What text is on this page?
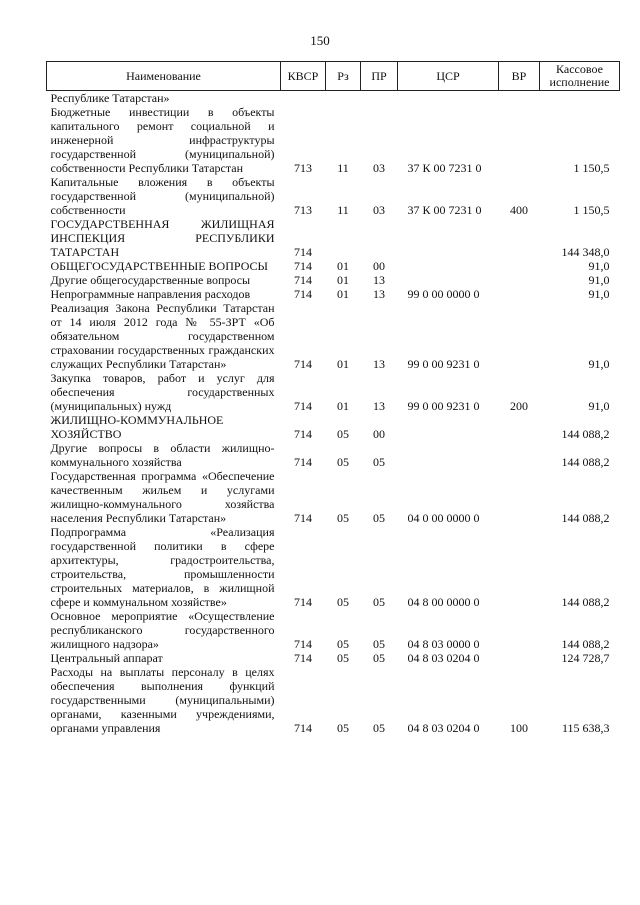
150
Наименование	КВСР	Рз	ПР	ЦСР	ВР	Кассовое исполнение
Республике Татарстан»						
Бюджетные инвестиции в объекты капитального ремонт социальной и инженерной инфраструктуры государственной (муниципальной) собственности Республики Татарстан	713	11	03	37 К 00 7231 0		1 150,5
Капитальные вложения в объекты государственной (муниципальной) собственности	713	11	03	37 К 00 7231 0	400	1 150,5
ГОСУДАРСТВЕННАЯ ЖИЛИЩНАЯ ИНСПЕКЦИЯ РЕСПУБЛИКИ ТАТАРСТАН	714					144 348,0
ОБЩЕГОСУДАРСТВЕННЫЕ ВОПРОСЫ	714	01	00			91,0
Другие общегосударственные вопросы	714	01	13			91,0
Непрограммные направления расходов	714	01	13	99 0 00 0000 0		91,0
Реализация Закона Республики Татарстан от 14 июля 2012 года № 55-ЗРТ «Об обязательном государственном страховании государственных гражданских служащих Республики Татарстан»	714	01	13	99 0 00 9231 0		91,0
Закупка товаров, работ и услуг для обеспечения государственных (муниципальных) нужд	714	01	13	99 0 00 9231 0	200	91,0
ЖИЛИЩНО-КОММУНАЛЬНОЕ ХОЗЯЙСТВО	714	05	00			144 088,2
Другие вопросы в области жилищно-коммунального хозяйства	714	05	05			144 088,2
Государственная программа «Обеспечение качественным жильем и услугами жилищно-коммунального хозяйства населения Республики Татарстан»	714	05	05	04 0 00 0000 0		144 088,2
Подпрограмма «Реализация государственной политики в сфере архитектуры, градостроительства, строительства, промышленности строительных материалов, в жилищной сфере и коммунальном хозяйстве»	714	05	05	04 8 00 0000 0		144 088,2
Основное мероприятие «Осуществление республиканского государственного жилищного надзора»	714	05	05	04 8 03 0000 0		144 088,2
Центральный аппарат	714	05	05	04 8 03 0204 0		124 728,7
Расходы на выплаты персоналу в целях обеспечения выполнения функций государственными (муниципальными) органами, казенными учреждениями, органами управления	714	05	05	04 8 03 0204 0	100	115 638,3
